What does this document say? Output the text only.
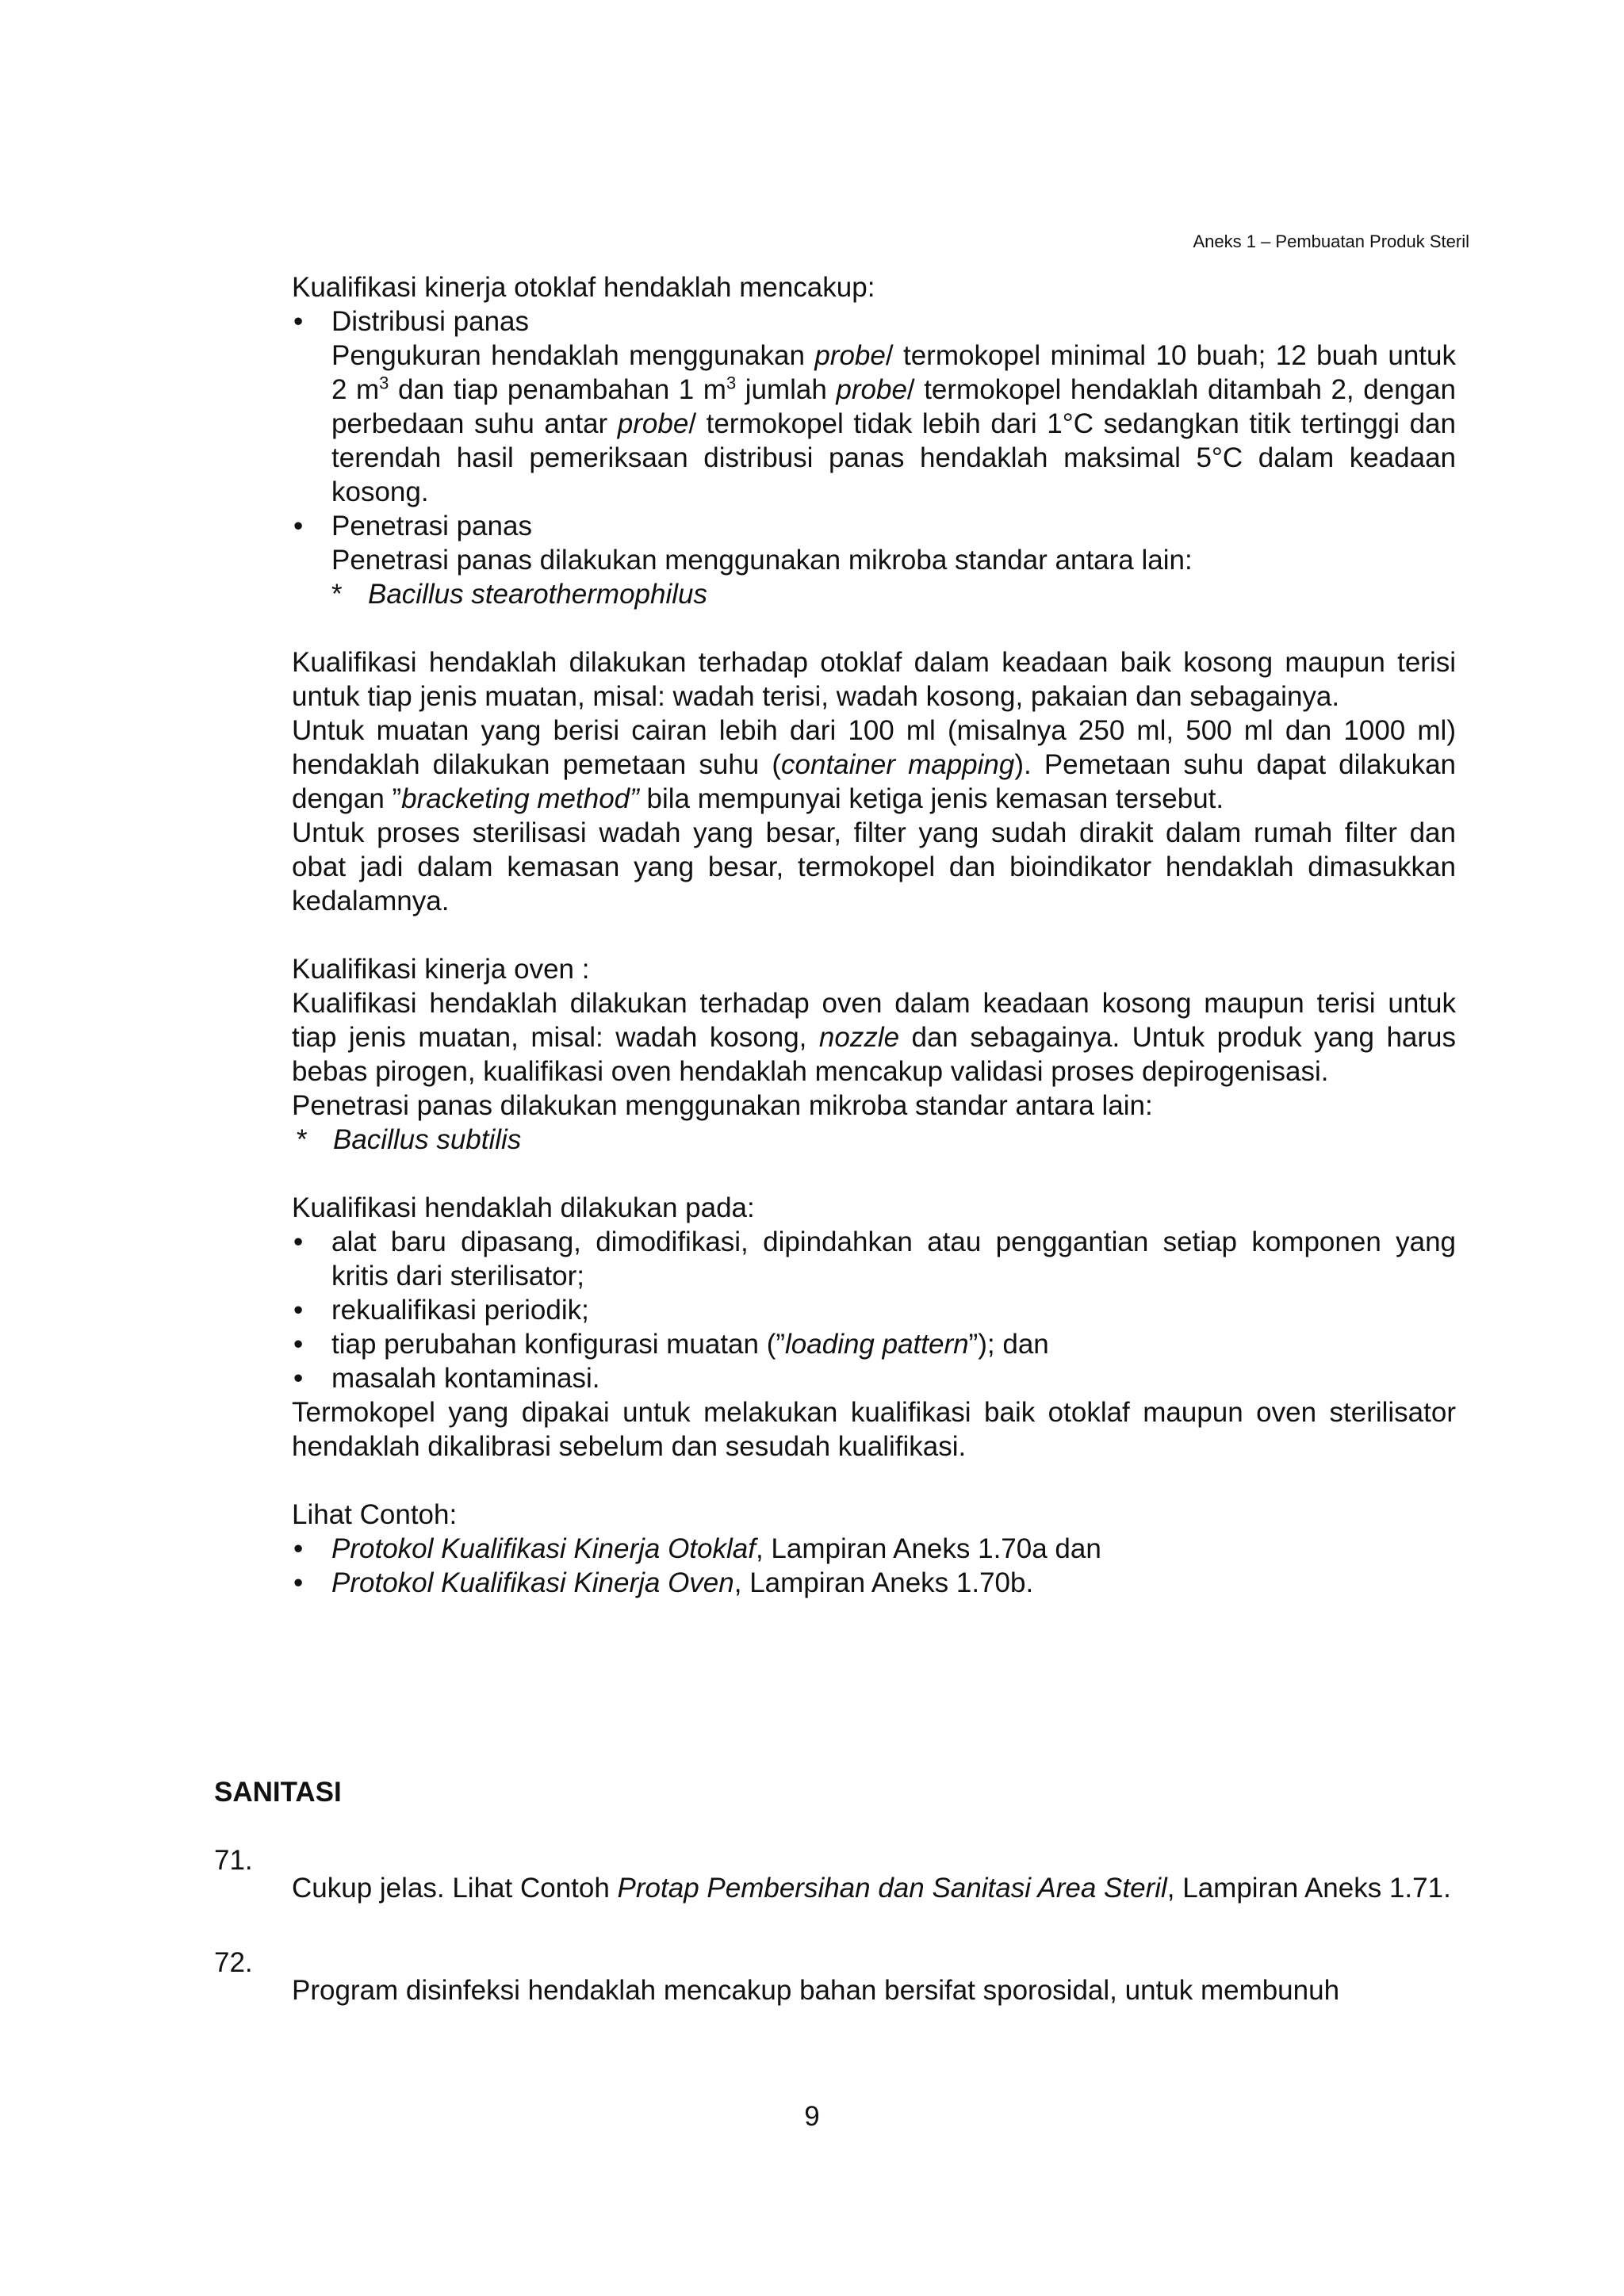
Aneks 1 – Pembuatan Produk Steril

Kualifikasi kinerja otoklaf hendaklah mencakup:

• Distribusi panas

Pengukuran hendaklah menggunakan probe/ termokopel minimal 10 buah; 12 buah untuk 2 $m^3$ dan tiap penambahan 1 $m^3$ jumlah probe/ termokopel hendaklah ditambah 2, dengan perbedaan suhu antar probe/ termokopel tidak lebih dari 1°C sedangkan titik tertinggi dan terendah hasil pemeriksaan distribusi panas hendaklah maksimal 5°C dalam keadaan kosong.

• Penetrasi panas

Penetrasi panas dilakukan menggunakan mikroba standar antara lain:

* Bacillus stearothermophilus

Kualifikasi hendaklah dilakukan terhadap otoklaf dalam keadaan baik kosong maupun terisi untuk tiap jenis muatan, misal: wadah terisi, wadah kosong, pakaian dan sebagainya.

Untuk muatan yang berisi cairan lebih dari 100 ml (misalnya 250 ml, 500 ml dan 1000 ml) hendaklah dilakukan pemetaan suhu (container mapping). Pemetaan suhu dapat dilakukan dengan ”bracketing method” bila mempunyai ketiga jenis kemasan tersebut.

Untuk proses sterilisasi wadah yang besar, filter yang sudah dirakit dalam rumah filter dan obat jadi dalam kemasan yang besar, termokopel dan bioindikator hendaklah dimasukkan kedalamnya.

Kualifikasi kinerja oven :

Kualifikasi hendaklah dilakukan terhadap oven dalam keadaan kosong maupun terisi untuk tiap jenis muatan, misal: wadah kosong, nozzle dan sebagainya. Untuk produk yang harus bebas pirogen, kualifikasi oven hendaklah mencakup validasi proses depirogenisasi.

Penetrasi panas dilakukan menggunakan mikroba standar antara lain:

* Bacillus subtilis

Kualifikasi hendaklah dilakukan pada:

• alat baru dipasang, dimodifikasi, dipindahkan atau penggantian setiap komponen yang kritis dari sterilisator;

• rekualifikasi periodik;

• tiap perubahan konfigurasi muatan (”loading pattern”); dan

• masalah kontaminasi.

Termokopel yang dipakai untuk melakukan kualifikasi baik otoklaf maupun oven sterilisator hendaklah dikalibrasi sebelum dan sesudah kualifikasi.

Lihat Contoh:

• Protokol Kualifikasi Kinerja Otoklaf, Lampiran Aneks 1.70a dan

• Protokol Kualifikasi Kinerja Oven, Lampiran Aneks 1.70b.

SANITASI
71.

Cukup jelas. Lihat Contoh Protap Pembersihan dan Sanitasi Area Steril, Lampiran Aneks 1.71.

72.

Program disinfeksi hendaklah mencakup bahan bersifat sporosidal, untuk membunuh

9
